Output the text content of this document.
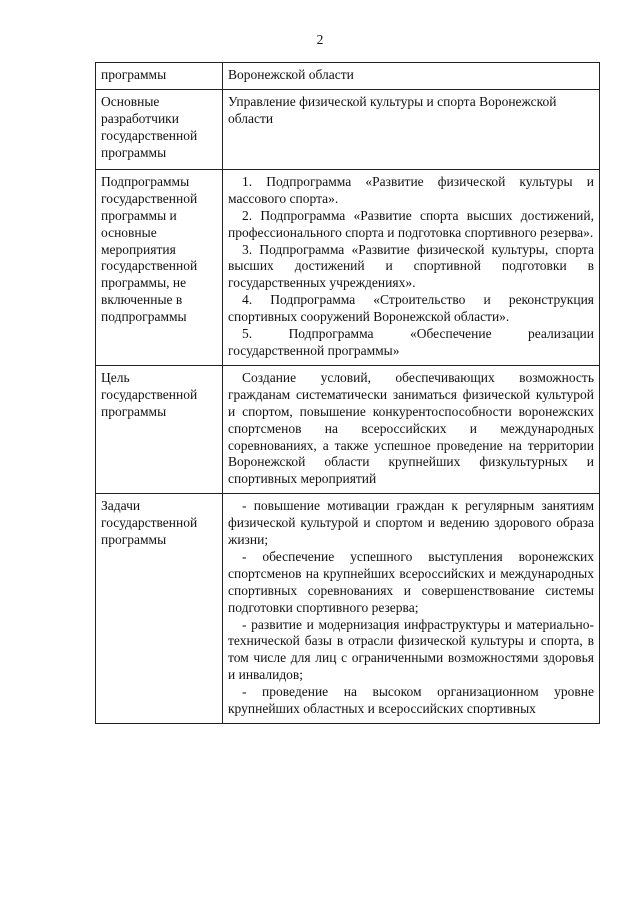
2
программы	Воронежской области

Основные разработчики государственной программы	Управление физической культуры и спорта Воронежской области

Подпрограммы государственной программы и основные мероприятия государственной программы, не включенные в подпрограммы	1. Подпрограмма «Развитие физической культуры и массового спорта».
2. Подпрограмма «Развитие спорта высших достижений, профессионального спорта и подготовка спортивного резерва».
3. Подпрограмма «Развитие физической культуры, спорта высших достижений и спортивной подготовки в государственных учреждениях».
4. Подпрограмма «Строительство и реконструкция спортивных сооружений Воронежской области».
5. Подпрограмма «Обеспечение реализации государственной программы»

Цель государственной программы	Создание условий, обеспечивающих возможность гражданам систематически заниматься физической культурой и спортом, повышение конкурентоспособности воронежских спортсменов на всероссийских и международных соревнованиях, а также успешное проведение на территории Воронежской области крупнейших физкультурных и спортивных мероприятий

Задачи государственной программы	- повышение мотивации граждан к регулярным занятиям физической культурой и спортом и ведению здорового образа жизни;
- обеспечение успешного выступления воронежских спортсменов на крупнейших всероссийских и международных спортивных соревнованиях и совершенствование системы подготовки спортивного резерва;
- развитие и модернизация инфраструктуры и материально-технической базы в отрасли физической культуры и спорта, в том числе для лиц с ограниченными возможностями здоровья и инвалидов;
- проведение на высоком организационном уровне крупнейших областных и всероссийских спортивных
